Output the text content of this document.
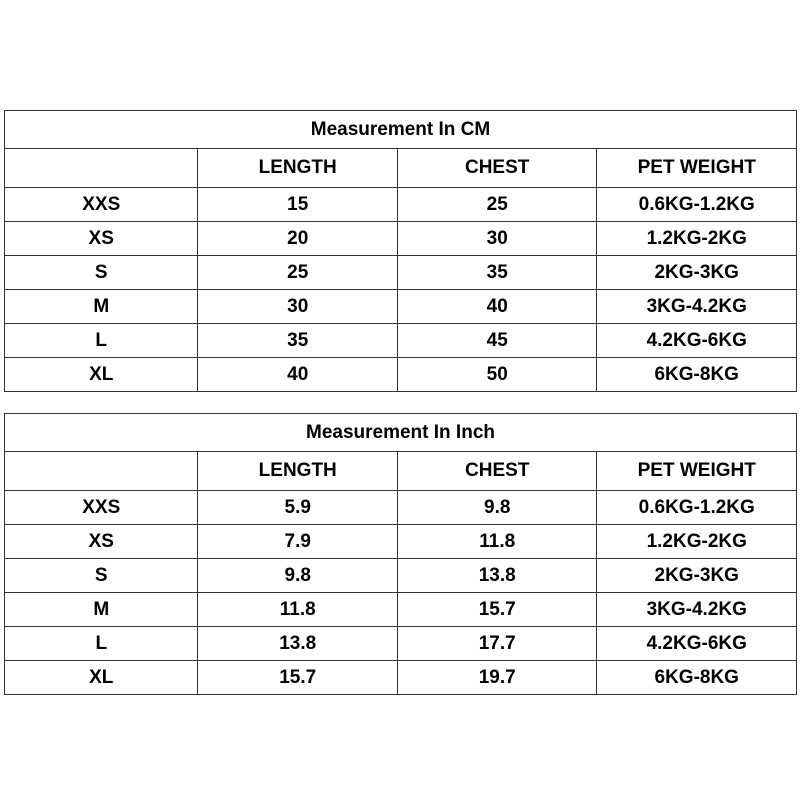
Measurement In CM			
	LENGTH	CHEST	PET WEIGHT
XXS	15	25	0.6KG-1.2KG
XS	20	30	1.2KG-2KG
S	25	35	2KG-3KG
M	30	40	3KG-4.2KG
L	35	45	4.2KG-6KG
XL	40	50	6KG-8KG
Measurement In Inch			
	LENGTH	CHEST	PET WEIGHT
XXS	5.9	9.8	0.6KG-1.2KG
XS	7.9	11.8	1.2KG-2KG
S	9.8	13.8	2KG-3KG
M	11.8	15.7	3KG-4.2KG
L	13.8	17.7	4.2KG-6KG
XL	15.7	19.7	6KG-8KG
